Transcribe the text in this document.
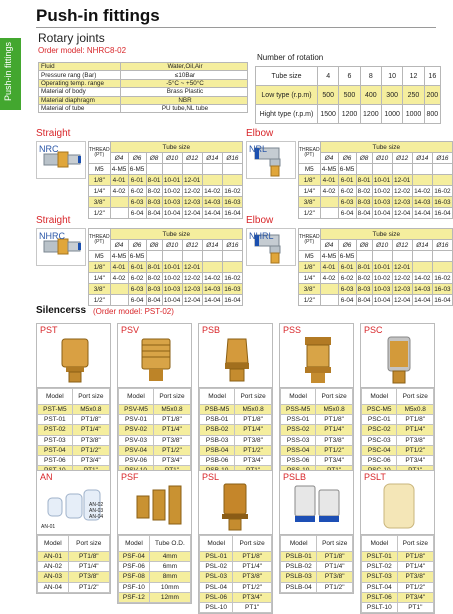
Push-in fittings
Push-in fittings
Rotary joints
Order model: NHRC8-02
Fluid	Water,Oil,Air
Pressure rang (Bar)	≤10Bar
Operating temp. range	-5°C ~ +50°C
Material of body	Brass Plastic
Material diaphragm	NBR
Material of tube	PU tube,NL tube
Number of rotation
Tube size	4	6	8	10	12	16
Low type (r.p.m)	500	500	400	300	250	200
Hight type (r.p.m)	1500	1200	1200	1000	1000	800
Straight
NRC	THREAD (PT)	Tube size						
	Ø4	Ø6	Ø8	Ø10	Ø12	Ø14	Ø16
M5	4-M5	6-M5					
1/8"	4-01	6-01	8-01	10-01	12-01		
1/4"	4-02	6-02	8-02	10-02	12-02	14-02	16-02
3/8"		6-03	8-03	10-03	12-03	14-03	16-03
1/2"		6-04	8-04	10-04	12-04	14-04	16-04
Elbow
NRL	THREAD (PT)	Tube size						
	Ø4	Ø6	Ø8	Ø10	Ø12	Ø14	Ø16
M5	4-M5	6-M5					
1/8"	4-01	6-01	8-01	10-01	12-01		
1/4"	4-02	6-02	8-02	10-02	12-02	14-02	16-02
3/8"		6-03	8-03	10-03	12-03	14-03	16-03
1/2"		6-04	8-04	10-04	12-04	14-04	16-04
Straight
NHRC	THREAD (PT)	Tube size						
	Ø4	Ø6	Ø8	Ø10	Ø12	Ø14	Ø16
M5	4-M5	6-M5					
1/8"	4-01	6-01	8-01	10-01	12-01		
1/4"	4-02	6-02	8-02	10-02	12-02	14-02	16-02
3/8"		6-03	8-03	10-03	12-03	14-03	16-03
1/2"		6-04	8-04	10-04	12-04	14-04	16-04
Elbow
NHRL	THREAD (PT)	Tube size						
	Ø4	Ø6	Ø8	Ø10	Ø12	Ø14	Ø16
M5	4-M5	6-M5					
1/8"	4-01	6-01	8-01	10-01	12-01		
1/4"	4-02	6-02	8-02	10-02	12-02	14-02	16-02
3/8"		6-03	8-03	10-03	12-03	14-03	16-03
1/2"		6-04	8-04	10-04	12-04	14-04	16-04
Silencerss (Order model: PST-02)
PST
Model	Port size
PST-M5	M5x0.8
PST-01	PT1/8"
PST-02	PT1/4"
PST-03	PT3/8"
PST-04	PT1/2"
PST-06	PT3/4"

PSV
Model	Port size
PSV-M5	M5x0.8
PSV-01	PT1/8"
PSV-02	PT1/4"
PSV-03	PT3/8"
PSV-04	PT1/2"
PSV-06	PT3/4"

PSB
Model	Port size
PSB-M5	M5x0.8
PSB-01	PT1/8"
PSB-02	PT1/4"
PSB-03	PT3/8"
PSB-04	PT1/2"
PSB-06	PT3/4"

PSS
Model	Port size
PSS-M5	M5x0.8
PSS-01	PT1/8"
PSS-02	PT1/4"
PSS-03	PT3/8"
PSS-04	PT1/2"
PSS-06	PT3/4"

PSC
Model	Port size
PSC-M5	M5x0.8
PSC-01	PT1/8"
PSC-02	PT1/4"
PSC-03	PT3/8"
PSC-04	PT1/2"
PSC-06	PT3/4"

AN
AN-01
AN-02
AN-03
AN-04
Model	Port size
AN-01	PT1/8"
AN-02	PT1/4"
AN-03	PT3/8"
AN-04	PT1/2"
PSF
Model	Tube O.D.
PSF-04	4mm
PSF-06	6mm
PSF-08	8mm
PSF-10	10mm
PSF-12	12mm
PSL
Model	Port size
PSL-01	PT1/8"
PSL-02	PT1/4"
PSL-03	PT3/8"
PSL-04	PT1/2"
PSL-06	PT3/4"
PSL-10	PT1"
PSLB
Model	Port size
PSLB-01	PT1/8"
PSLB-02	PT1/4"
PSLB-03	PT3/8"
PSLB-04	PT1/2"
PSLT
Model	Port size
PSLT-01	PT1/8"
PSLT-02	PT1/4"
PSLT-03	PT3/8"
PSLT-04	PT1/2"
PSLT-06	PT3/4"
PSLT-10	PT1"
